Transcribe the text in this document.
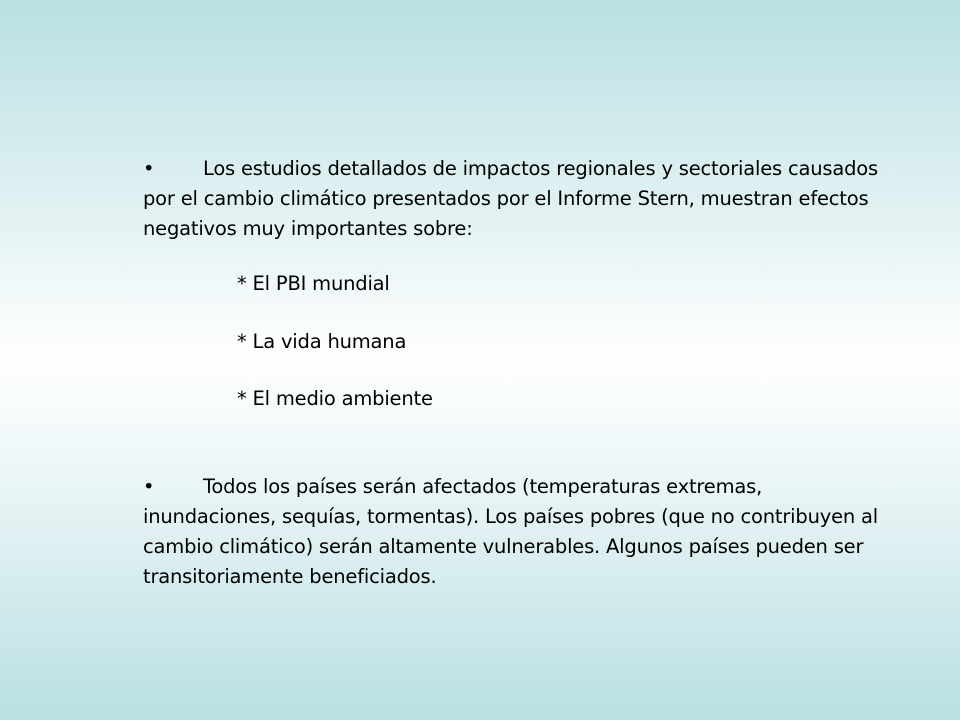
• Los estudios detallados de impactos regionales y sectoriales causados por el cambio climático presentados por el Informe Stern, muestran efectos negativos muy importantes sobre:
* El PBI mundial
* La vida humana
* El medio ambiente
• Todos los países serán afectados (temperaturas extremas, inundaciones, sequías, tormentas). Los países pobres (que no contribuyen al cambio climático) serán altamente vulnerables. Algunos países pueden ser transitoriamente beneficiados.
